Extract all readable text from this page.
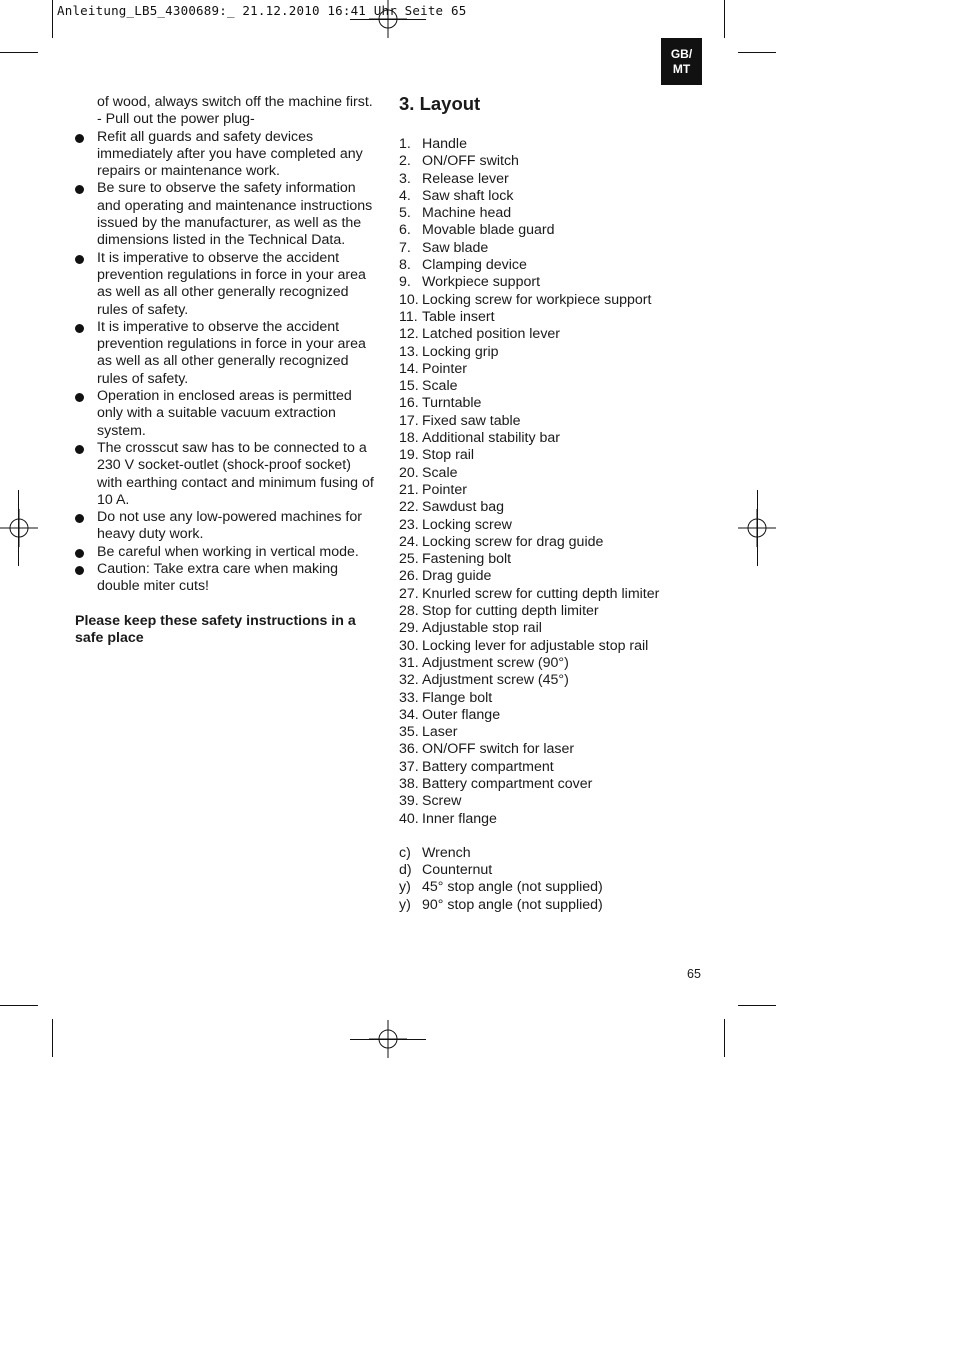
Anleitung_LB5_4300689:_ 21.12.2010 16:41 Uhr Seite 65
GB/
MT

of wood, always switch off the machine first.

- Pull out the power plug-

Refit all guards and safety devices immediately after you have completed any repairs or maintenance work.
Be sure to observe the safety information and operating and maintenance instructions issued by the manufacturer, as well as the dimensions listed in the Technical Data.
It is imperative to observe the accident prevention regulations in force in your area as well as all other generally recognized rules of safety.
It is imperative to observe the accident prevention regulations in force in your area as well as all other generally recognized rules of safety.
Operation in enclosed areas is permitted only with a suitable vacuum extraction system.
The crosscut saw has to be connected to a 230 V socket-outlet (shock-proof socket) with earthing contact and minimum fusing of 10 A.
Do not use any low-powered machines for heavy duty work.
Be careful when working in vertical mode.
Caution: Take extra care when making double miter cuts!

Please keep these safety instructions in a safe place

3. Layout
1. Handle
2. ON/OFF switch
3. Release lever
4. Saw shaft lock
5. Machine head
6. Movable blade guard
7. Saw blade
8. Clamping device
9. Workpiece support
10. Locking screw for workpiece support
11. Table insert
12. Latched position lever
13. Locking grip
14. Pointer
15. Scale
16. Turntable
17. Fixed saw table
18. Additional stability bar
19. Stop rail
20. Scale
21. Pointer
22. Sawdust bag
23. Locking screw
24. Locking screw for drag guide
25. Fastening bolt
26. Drag guide
27. Knurled screw for cutting depth limiter
28. Stop for cutting depth limiter
29. Adjustable stop rail
30. Locking lever for adjustable stop rail
31. Adjustment screw (90°)
32. Adjustment screw (45°)
33. Flange bolt
34. Outer flange
35. Laser
36. ON/OFF switch for laser
37. Battery compartment
38. Battery compartment cover
39. Screw
40. Inner flange
c) Wrench
d) Counternut
y) 45° stop angle (not supplied)
y) 90° stop angle (not supplied)
65
